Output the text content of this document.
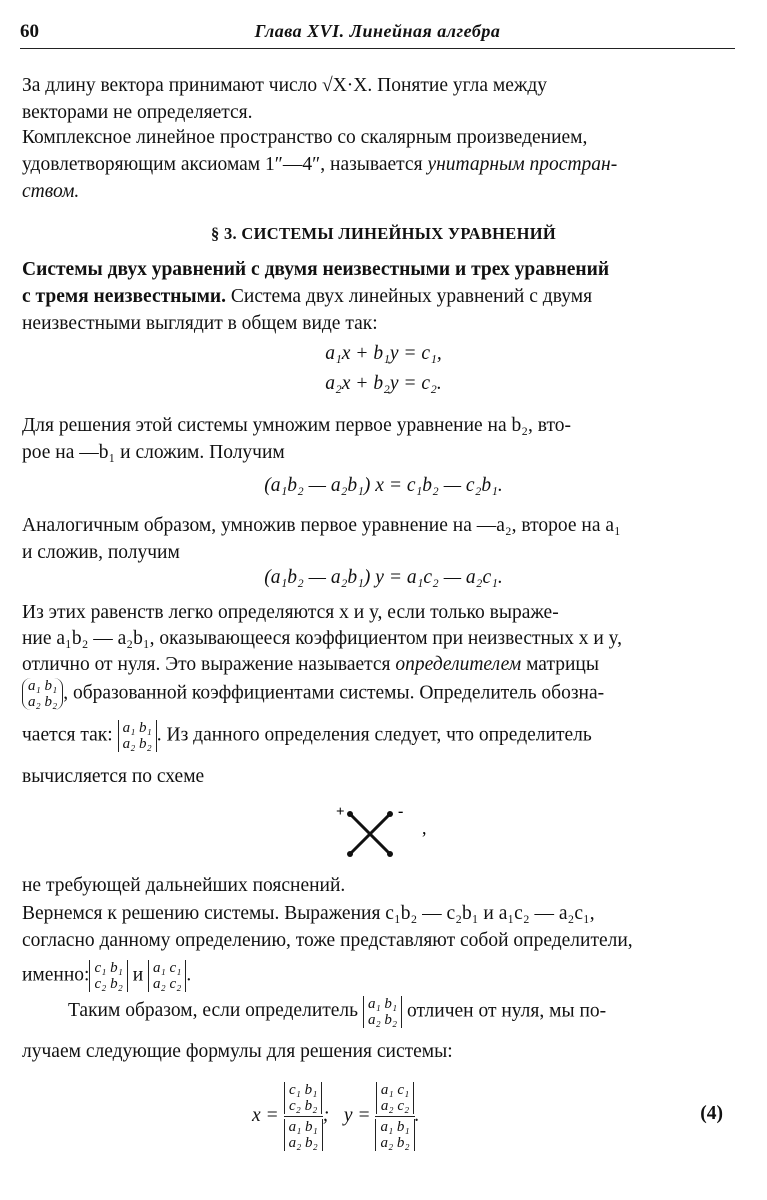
60	Глава XVI. Линейная алгебра
За длину вектора принимают число √X·X. Понятие угла между
векторами не определяется.
Комплексное линейное пространство со скалярным произведением,
удовлетворяющим аксиомам 1″—4″, называется унитарным простран-
ством.
§ 3. СИСТЕМЫ ЛИНЕЙНЫХ УРАВНЕНИЙ
Системы двух уравнений с двумя неизвестными и трех уравнений
с тремя неизвестными. Система двух линейных уравнений с двумя
неизвестными выглядит в общем виде так:
a₁x + b₁y = c₁,
a₂x + b₂y = c₂.
Для решения этой системы умножим первое уравнение на b₂, вто-
рое на —b₁ и сложим. Получим
(a₁b₂ — a₂b₁) x = c₁b₂ — c₂b₁.
Аналогичным образом, умножив первое уравнение на —a₂, второе на a₁
и сложив, получим
(a₁b₂ — a₂b₁) y = a₁c₂ — a₂c₁.
Из этих равенств легко определяются x и y, если только выраже-
ние a₁b₂ — a₂b₁, оказывающееся коэффициентом при неизвестных x и y,
отлично от нуля. Это выражение называется определителем матрицы
a₁ b₁
a₂ b₂ , образованной коэффициентами системы. Определитель обозна-
чается так: a₁ b₁
a₂ b₂ . Из данного определения следует, что определитель
вычисляется по схеме
+	-
,
не требующей дальнейших пояснений.
Вернемся к решению системы. Выражения c₁b₂ — c₂b₁ и a₁c₂ — a₂c₁,
согласно данному определению, тоже представляют собой определители,
именно: c₁ b₁
c₂ b₂ и a₁ c₁
a₂ c₂ .
Таким образом, если определитель a₁ b₁
a₂ b₂ отличен от нуля, мы по-
лучаем следующие формулы для решения системы:
x = c₁ b₁
c₂ b₂
a₁ b₁
a₂ b₂ ; y = a₁ c₁
a₂ c₂
a₁ b₁
a₂ b₂ .	(4)
